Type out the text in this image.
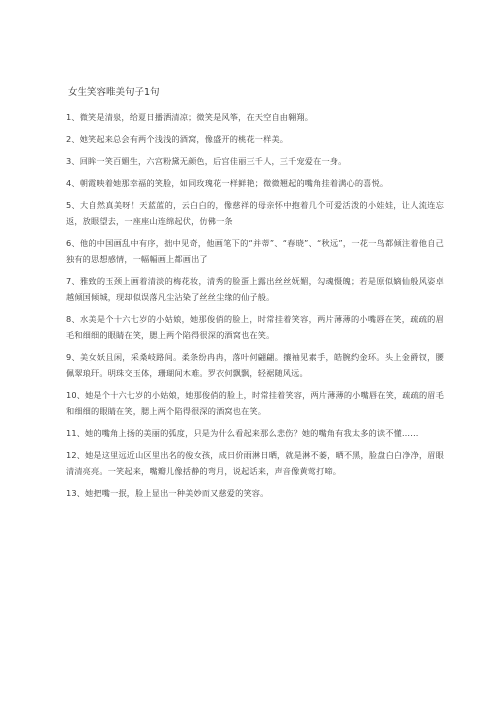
女生笑容唯美句子1句

1、微笑是清泉，给夏日播洒清凉；微笑是风筝，在天空自由翱翔。

2、她笑起来总会有两个浅浅的酒窝，像盛开的桃花一样美。

3、回眸一笑百媚生，六宫粉黛无颜色，后宫佳丽三千人，三千宠爱在一身。

4、朝霞映着她那幸福的笑脸，如同玫瑰花一样鲜艳；微微翘起的嘴角挂着满心的喜悦。

5、大自然真美呀！天蓝蓝的，云白白的，像慈祥的母亲怀中抱着几个可爱活泼的小娃娃，让人流连忘返，放眼望去，一座座山连绵起伏，仿佛一条

6、他的中国画乱中有序，拙中见奇，他画笔下的“并蒂”、“春晓”、“秋远”，一花一鸟都倾注着他自己独有的思想感情，一幅幅画上都画出了

7、雅致的玉颈上画着清淡的梅花妆，清秀的脸蛋上露出丝丝妩媚，勾魂慑魄；若是原似嫡仙般风姿卓越倾国倾城，现却似误落凡尘沾染了丝丝尘缘的仙子般。

8、水美是个十六七岁的小姑娘，她那俊俏的脸上，时常挂着笑容，两片薄薄的小嘴唇在笑，疏疏的眉毛和细细的眼睛在笑，腮上两个陷得很深的酒窝也在笑。

9、美女妖且闲，采桑岐路间。柔条纷冉冉，落叶何翩翩。攘袖见素手，皓腕约金环。头上金爵钗，腰佩翠琅玕。明珠交玉体，珊瑚间木难。罗衣何飘飘，轻裾随风远。

10、她是个十六七岁的小姑娘，她那俊俏的脸上，时常挂着笑容，两片薄薄的小嘴唇在笑，疏疏的眉毛和细细的眼睛在笑，腮上两个陷得很深的酒窝也在笑。

11、她的嘴角上扬的美丽的弧度，只是为什么看起来那么悲伤？她的嘴角有我太多的读不懂……

12、她是这里远近山区里出名的俊女孩，成日价雨淋日晒，就是淋不萎，晒不黑，脸盘白白净净，眉眼清清亮亮。一笑起来，嘴瓣儿像括静的弯月，说起话来，声音像黄莺打啼。

13、她把嘴一抿，脸上显出一种美妙而又慈爱的笑容。
